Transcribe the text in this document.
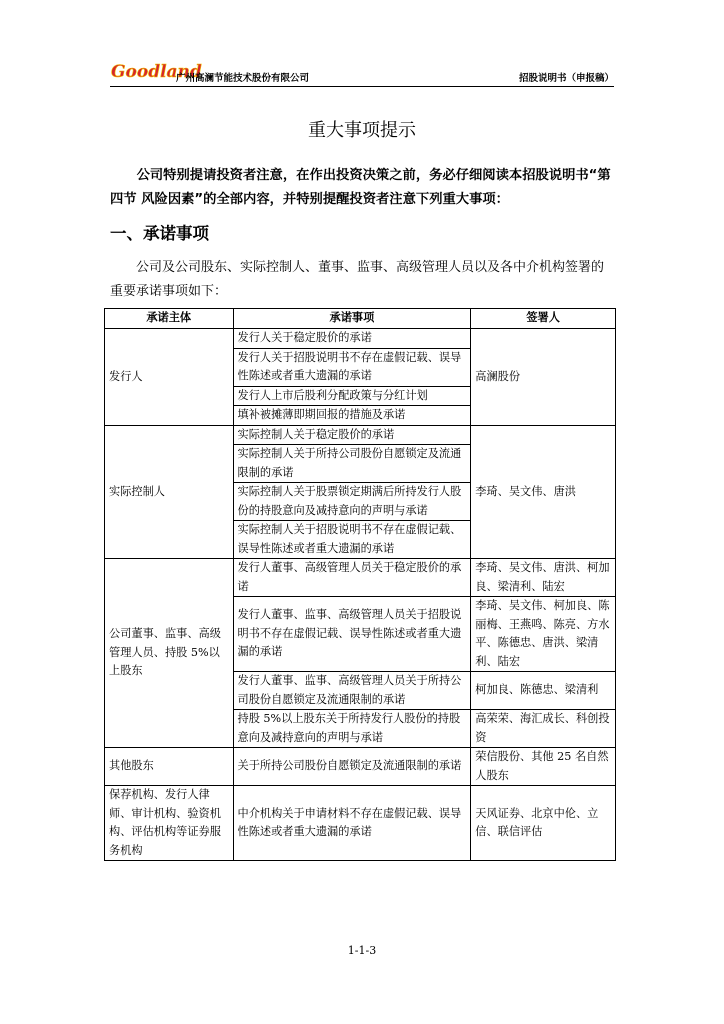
Goodland
广州高澜节能技术股份有限公司	招股说明书（申报稿）
重大事项提示
公司特别提请投资者注意，在作出投资决策之前，务必仔细阅读本招股说明书“第四节 风险因素”的全部内容，并特别提醒投资者注意下列重大事项：
一、承诺事项
公司及公司股东、实际控制人、董事、监事、高级管理人员以及各中介机构签署的重要承诺事项如下：
承诺主体	承诺事项	签署人
发行人	发行人关于稳定股价的承诺	高澜股份
	发行人关于招股说明书不存在虚假记载、误导性陈述或者重大遗漏的承诺	
	发行人上市后股利分配政策与分红计划	
	填补被摊薄即期回报的措施及承诺	
实际控制人	实际控制人关于稳定股价的承诺	李琦、吴文伟、唐洪
	实际控制人关于所持公司股份自愿锁定及流通限制的承诺	
	实际控制人关于股票锁定期满后所持发行人股份的持股意向及减持意向的声明与承诺	
	实际控制人关于招股说明书不存在虚假记载、误导性陈述或者重大遗漏的承诺	
公司董事、监事、高级管理人员、持股 5%以上股东	发行人董事、高级管理人员关于稳定股价的承诺	李琦、吴文伟、唐洪、柯加良、梁清利、陆宏
	发行人董事、监事、高级管理人员关于招股说明书不存在虚假记载、误导性陈述或者重大遗漏的承诺	李琦、吴文伟、柯加良、陈丽梅、王燕鸣、陈亮、方水平、陈德忠、唐洪、梁清利、陆宏
	发行人董事、监事、高级管理人员关于所持公司股份自愿锁定及流通限制的承诺	柯加良、陈德忠、梁清利
	持股 5%以上股东关于所持发行人股份的持股意向及减持意向的声明与承诺	高荣荣、海汇成长、科创投资
其他股东	关于所持公司股份自愿锁定及流通限制的承诺	荣信股份、其他 25 名自然人股东
保荐机构、发行人律师、审计机构、验资机构、评估机构等证券服务机构	中介机构关于申请材料不存在虚假记载、误导性陈述或者重大遗漏的承诺	天风证券、北京中伦、立信、联信评估
1-1-3
